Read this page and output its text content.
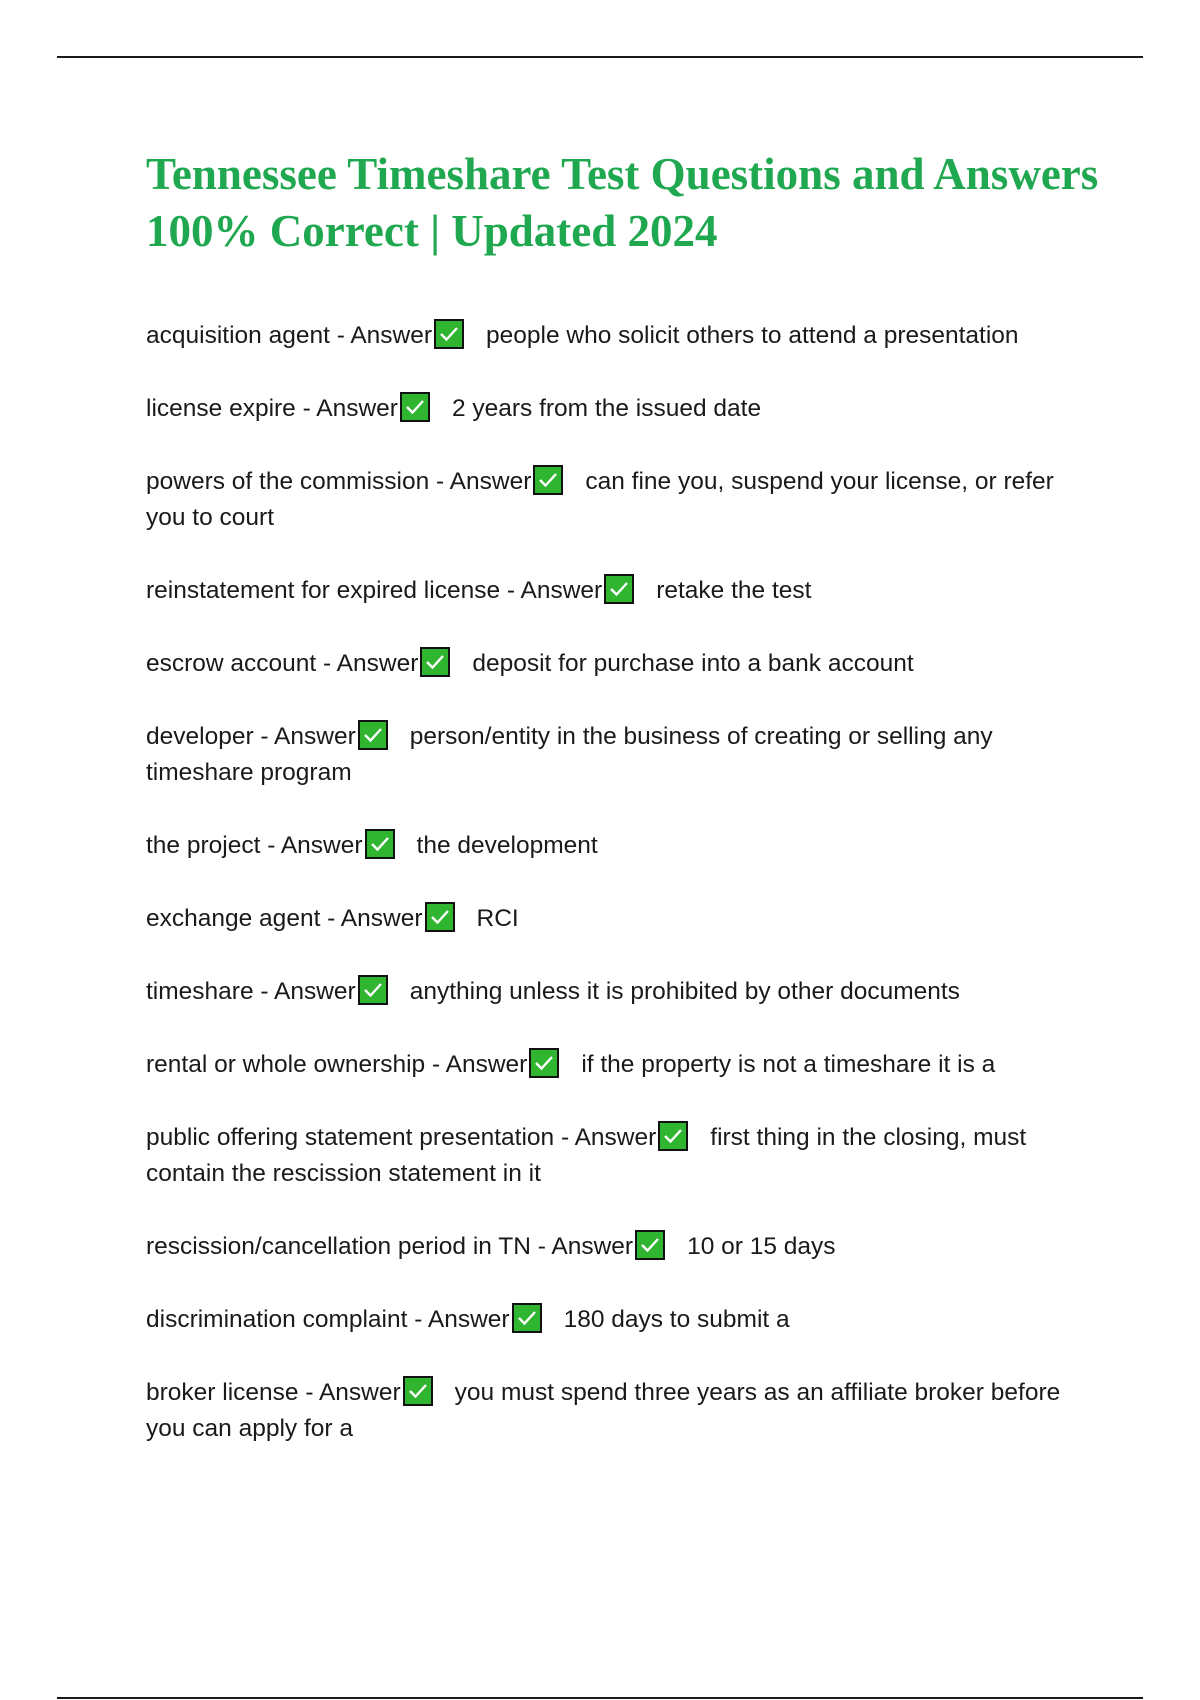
Tennessee Timeshare Test Questions and Answers 100% Correct | Updated 2024
acquisition agent - Answer people who solicit others to attend a presentation
license expire - Answer 2 years from the issued date
powers of the commission - Answer can fine you, suspend your license, or refer you to court
reinstatement for expired license - Answer retake the test
escrow account - Answer deposit for purchase into a bank account
developer - Answer person/entity in the business of creating or selling any timeshare program
the project - Answer the development
exchange agent - Answer RCI
timeshare - Answer anything unless it is prohibited by other documents
rental or whole ownership - Answer if the property is not a timeshare it is a
public offering statement presentation - Answer first thing in the closing, must contain the rescission statement in it
rescission/cancellation period in TN - Answer 10 or 15 days
discrimination complaint - Answer 180 days to submit a
broker license - Answer you must spend three years as an affiliate broker before you can apply for a
